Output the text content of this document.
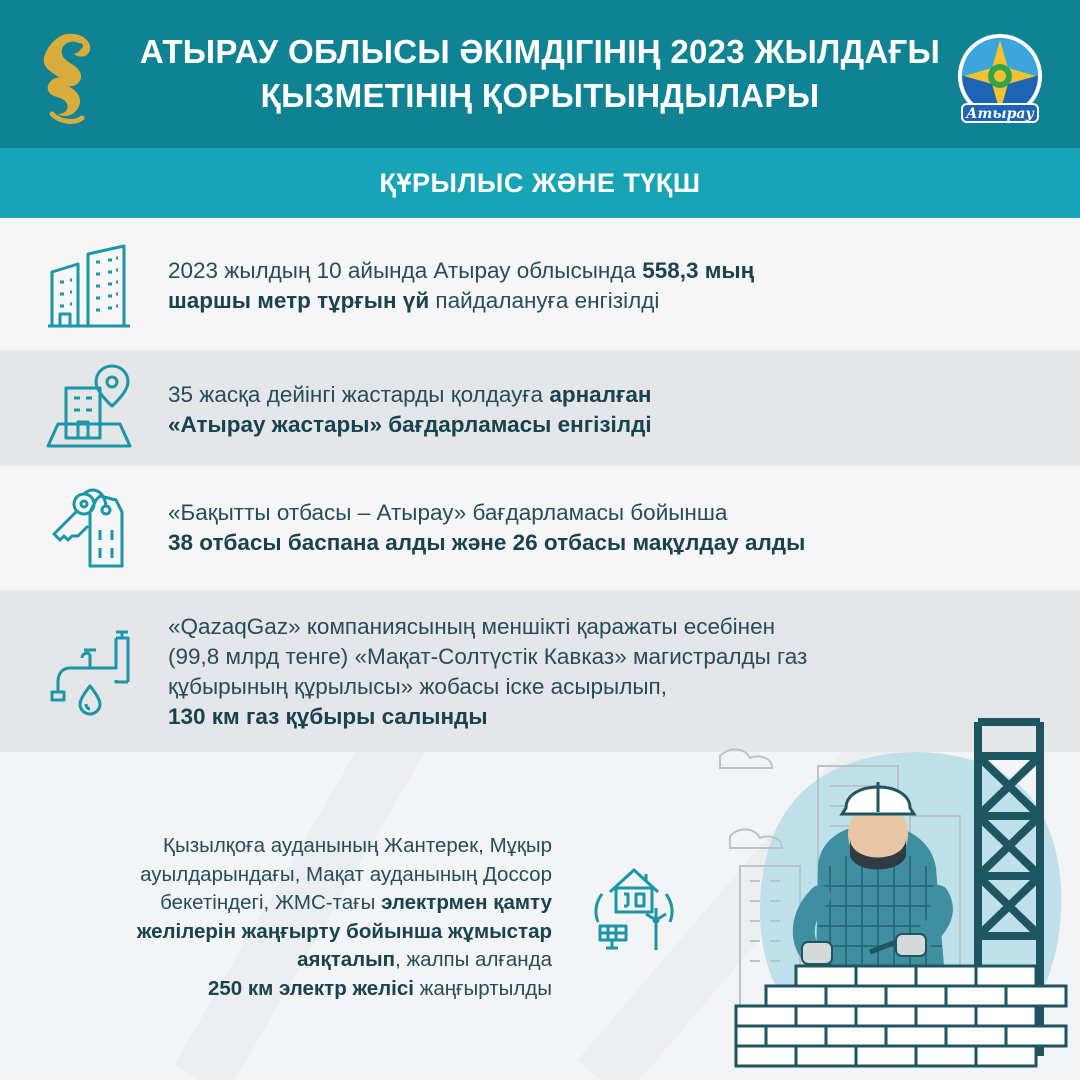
АТЫРАУ ОБЛЫСЫ ӘКІМДІГІНІҢ 2023 ЖЫЛДАҒЫ
ҚЫЗМЕТІНІҢ ҚОРЫТЫНДЫЛАРЫ	Атырау
ҚҰРЫЛЫС ЖӘНЕ ТҮҚШ
2023 жылдың 10 айында Атырау облысында 558,3 мың
шаршы метр тұрғын үй пайдалануға енгізілді
35 жасқа дейінгі жастарды қолдауға арналған
«Атырау жастары» бағдарламасы енгізілді
«Бақытты отбасы – Атырау» бағдарламасы бойынша
38 отбасы баспана алды және 26 отбасы мақұлдау алды
«QazaqGaz» компаниясының меншікті қаражаты есебінен
(99,8 млрд тенге) «Мақат-Солтүстік Кавказ» магистралды газ
құбырының құрылысы» жобасы іске асырылып,
130 км газ құбыры салынды
Қызылқоға ауданының Жантерек, Мұқыр
ауылдарындағы, Мақат ауданының Доссор
бекетіндегі, ЖМС-тағы электрмен қамту
желілерін жаңғырту бойынша жұмыстар
аяқталып, жалпы алғанда
250 км электр желісі жаңғыртылды
